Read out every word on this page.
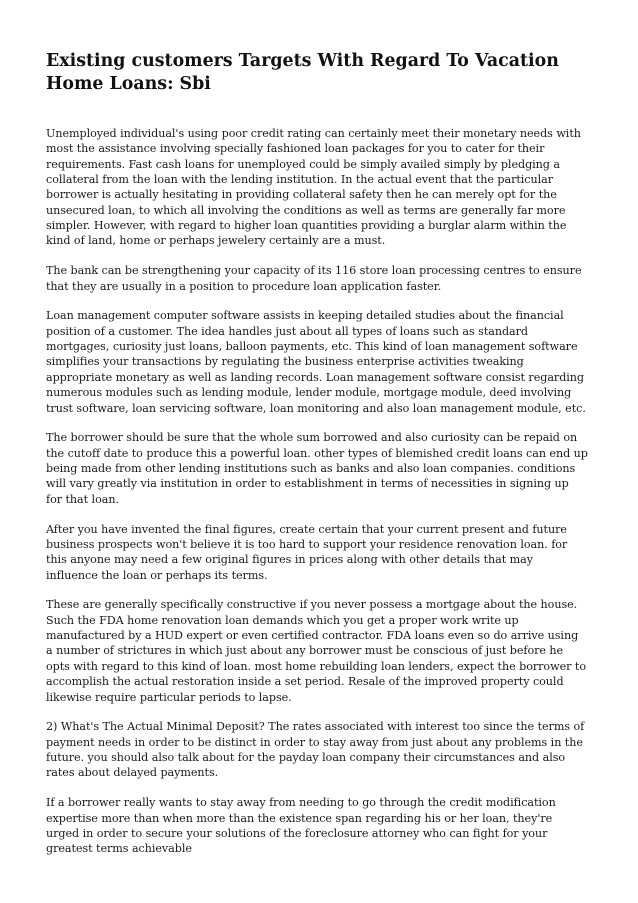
Existing customers Targets With Regard To Vacation Home Loans: Sbi

Unemployed individual's using poor credit rating can certainly meet their monetary needs with most the assistance involving specially fashioned loan packages for you to cater for their requirements. Fast cash loans for unemployed could be simply availed simply by pledging a collateral from the loan with the lending institution. In the actual event that the particular borrower is actually hesitating in providing collateral safety then he can merely opt for the unsecured loan, to which all involving the conditions as well as terms are generally far more simpler. However, with regard to higher loan quantities providing a burglar alarm within the kind of land, home or perhaps jewelery certainly are a must.

The bank can be strengthening your capacity of its 116 store loan processing centres to ensure that they are usually in a position to procedure loan application faster.

Loan management computer software assists in keeping detailed studies about the financial position of a customer. The idea handles just about all types of loans such as standard mortgages, curiosity just loans, balloon payments, etc. This kind of loan management software simplifies your transactions by regulating the business enterprise activities tweaking appropriate monetary as well as landing records. Loan management software consist regarding numerous modules such as lending module, lender module, mortgage module, deed involving trust software, loan servicing software, loan monitoring and also loan management module, etc.

The borrower should be sure that the whole sum borrowed and also curiosity can be repaid on the cutoff date to produce this a powerful loan. other types of blemished credit loans can end up being made from other lending institutions such as banks and also loan companies. conditions will vary greatly via institution in order to establishment in terms of necessities in signing up for that loan.

After you have invented the final figures, create certain that your current present and future business prospects won't believe it is too hard to support your residence renovation loan. for this anyone may need a few original figures in prices along with other details that may influence the loan or perhaps its terms.

These are generally specifically constructive if you never possess a mortgage about the house. Such the FDA home renovation loan demands which you get a proper work write up manufactured by a HUD expert or even certified contractor. FDA loans even so do arrive using a number of strictures in which just about any borrower must be conscious of just before he opts with regard to this kind of loan. most home rebuilding loan lenders, expect the borrower to accomplish the actual restoration inside a set period. Resale of the improved property could likewise require particular periods to lapse.

2) What's The Actual Minimal Deposit? The rates associated with interest too since the terms of payment needs in order to be distinct in order to stay away from just about any problems in the future. you should also talk about for the payday loan company their circumstances and also rates about delayed payments.

If a borrower really wants to stay away from needing to go through the credit modification expertise more than when more than the existence span regarding his or her loan, they're urged in order to secure your solutions of the foreclosure attorney who can fight for your greatest terms achievable
